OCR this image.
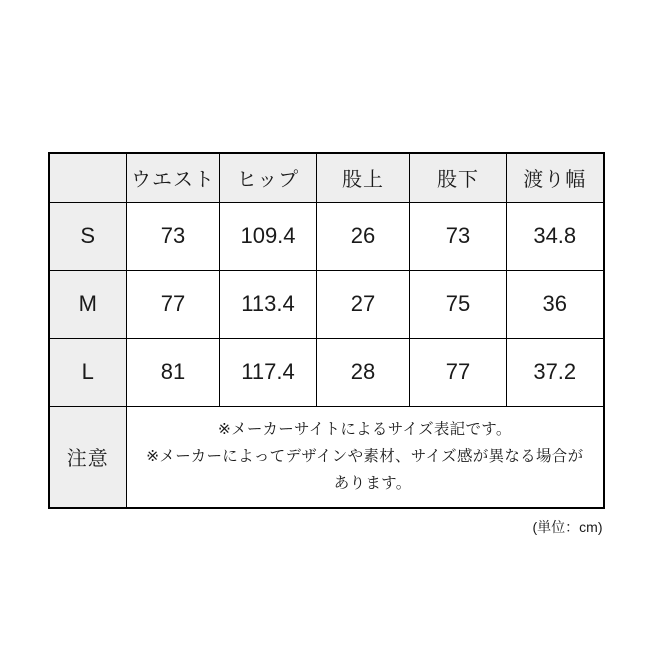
	ウエスト	ヒップ	股上	股下	渡り幅
S	73	109.4	26	73	34.8
M	77	113.4	27	75	36
L	81	117.4	28	77	37.2
注意	※メーカーサイトによるサイズ表記です。
※メーカーによってデザインや素材、サイズ感が異なる場合が
　あります。				
(単位：cm)
